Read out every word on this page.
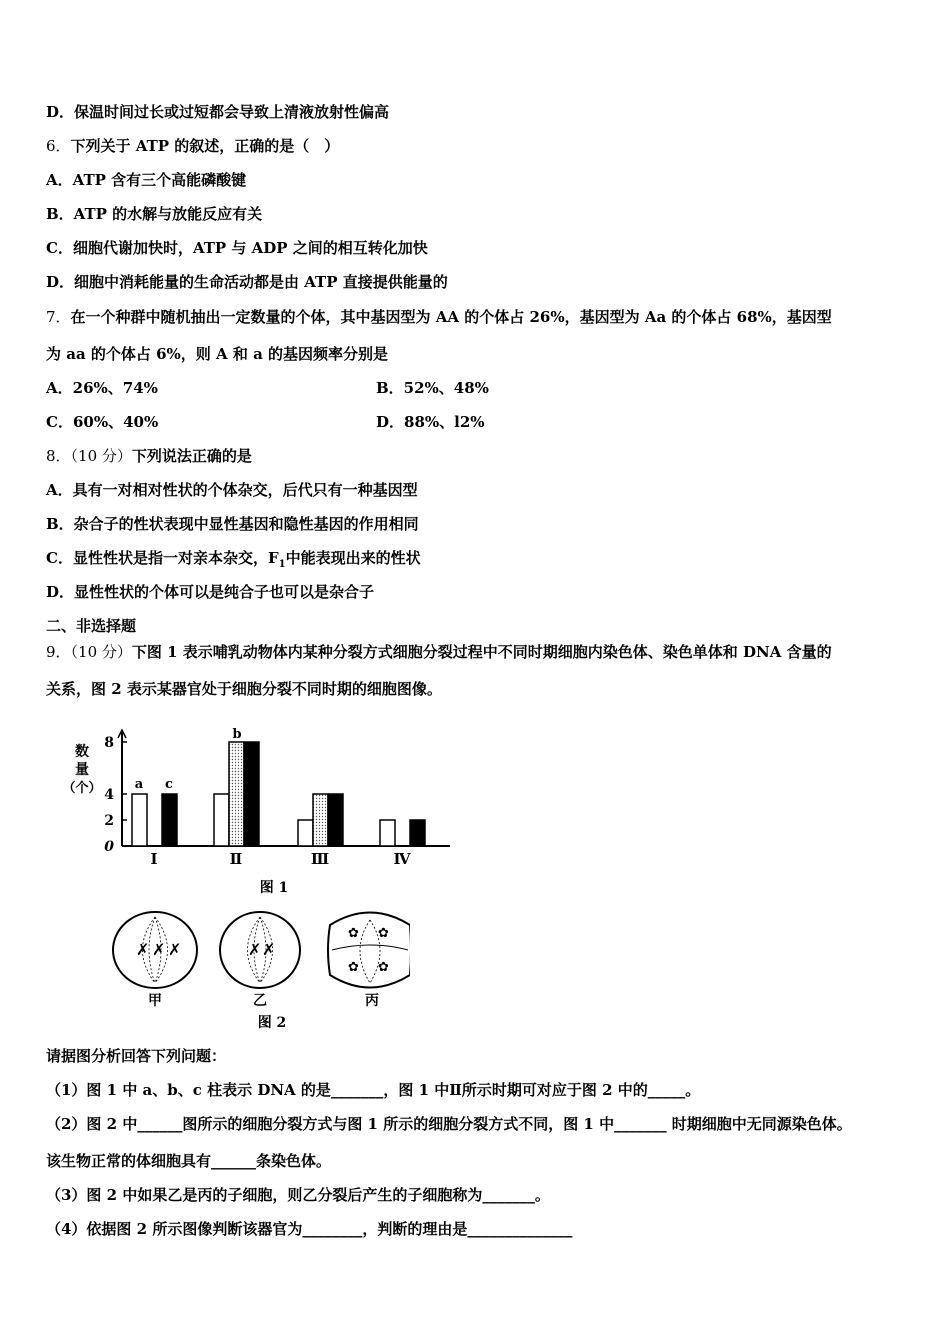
D．保温时间过长或过短都会导致上清液放射性偏高
6．下列关于 ATP 的叙述，正确的是（　）
A．ATP 含有三个高能磷酸键
B．ATP 的水解与放能反应有关
C．细胞代谢加快时，ATP 与 ADP 之间的相互转化加快
D．细胞中消耗能量的生命活动都是由 ATP 直接提供能量的
7．在一个种群中随机抽出一定数量的个体，其中基因型为 AA 的个体占 26%，基因型为 Aa 的个体占 68%，基因型
为 aa 的个体占 6%，则 A 和 a 的基因频率分别是
A．26%、74%	B．52%、48%
C．60%、40%	D．88%、l2%
8．（10 分）下列说法正确的是
A．具有一对相对性状的个体杂交，后代只有一种基因型
B．杂合子的性状表现中显性基因和隐性基因的作用相同
C．显性性状是指一对亲本杂交，$F_1$中能表现出来的性状
D．显性性状的个体可以是纯合子也可以是杂合子
二、非选择题
9．（10 分）下图 1 表示哺乳动物体内某种分裂方式细胞分裂过程中不同时期细胞内染色体、染色单体和 DNA 含量的
关系，图 2 表示某器官处于细胞分裂不同时期的细胞图像。
数
量
（个）
0
2
4
8
Ⅰ	Ⅱ	Ⅲ	Ⅳ
a
b
c
图 1
✗ ✗ ✗	✗ ✗
✿ ✿
✿ ✿
甲	乙	丙
图 2
请据图分析回答下列问题：
（1）图 1 中 a、b、c 柱表示 DNA 的是_______，图 1 中Ⅱ所示时期可对应于图 2 中的_____。
（2）图 2 中______图所示的细胞分裂方式与图 1 所示的细胞分裂方式不同，图 1 中_______ 时期细胞中无同源染色体。
该生物正常的体细胞具有______条染色体。
（3）图 2 中如果乙是丙的子细胞，则乙分裂后产生的子细胞称为_______。
（4）依据图 2 所示图像判断该器官为________，判断的理由是______________
